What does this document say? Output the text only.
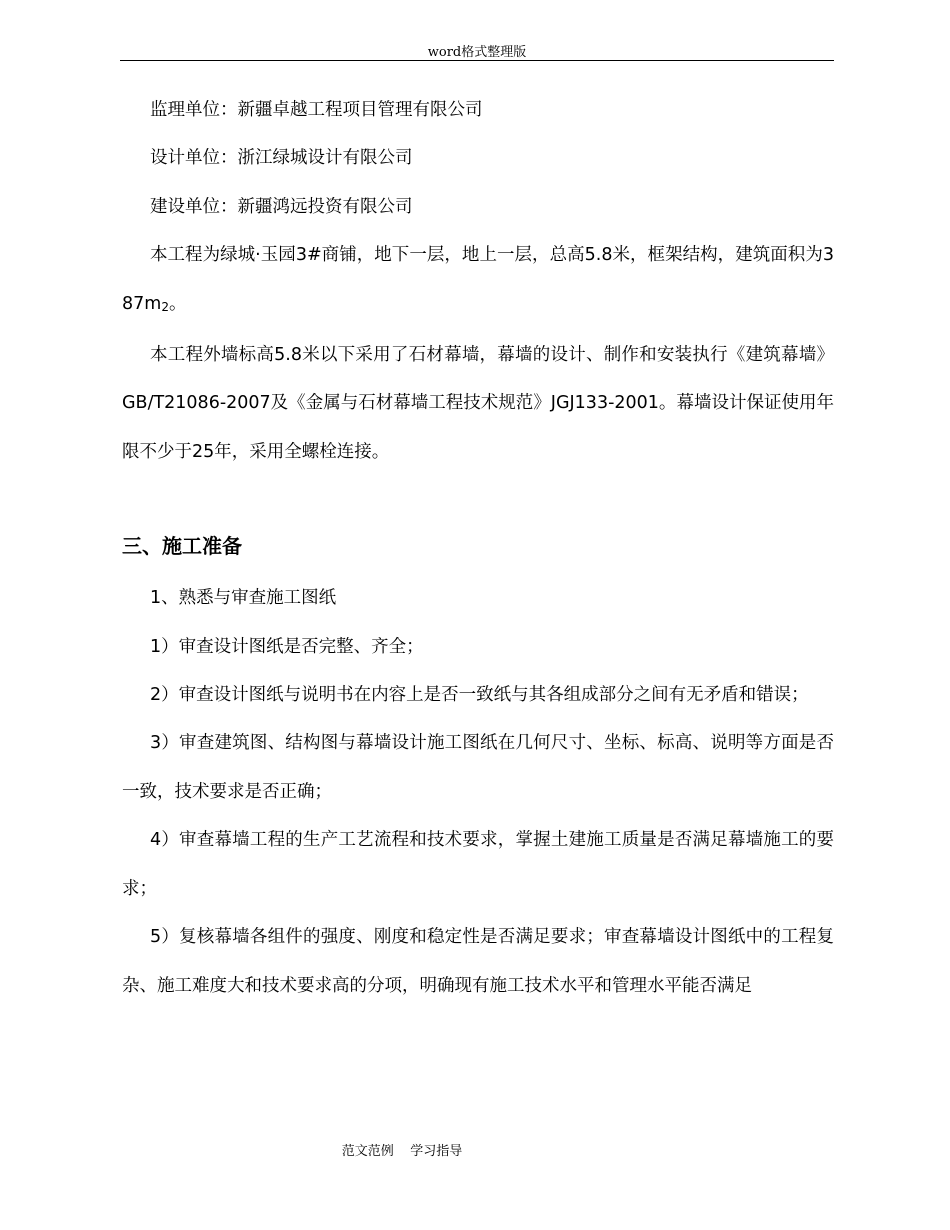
word格式整理版

监理单位：新疆卓越工程项目管理有限公司

设计单位：浙江绿城设计有限公司

建设单位：新疆鸿远投资有限公司

本工程为绿城·玉园3#商铺，地下一层，地上一层，总高5.8米，框架结构，建筑面积为$387m_2$。

本工程外墙标高5.8米以下采用了石材幕墙，幕墙的设计、制作和安装执行《建筑幕墙》GB/T21086-2007及《金属与石材幕墙工程技术规范》JGJ133-2001。幕墙设计保证使用年限不少于25年，采用全螺栓连接。

三、施工准备

1、熟悉与审查施工图纸

1）审查设计图纸是否完整、齐全；

2）审查设计图纸与说明书在内容上是否一致纸与其各组成部分之间有无矛盾和错误；

3）审查建筑图、结构图与幕墙设计施工图纸在几何尺寸、坐标、标高、说明等方面是否一致，技术要求是否正确；

4）审查幕墙工程的生产工艺流程和技术要求，掌握土建施工质量是否满足幕墙施工的要求；

5）复核幕墙各组件的强度、刚度和稳定性是否满足要求；审查幕墙设计图纸中的工程复杂、施工难度大和技术要求高的分项，明确现有施工技术水平和管理水平能否满足

范文范例    学习指导
